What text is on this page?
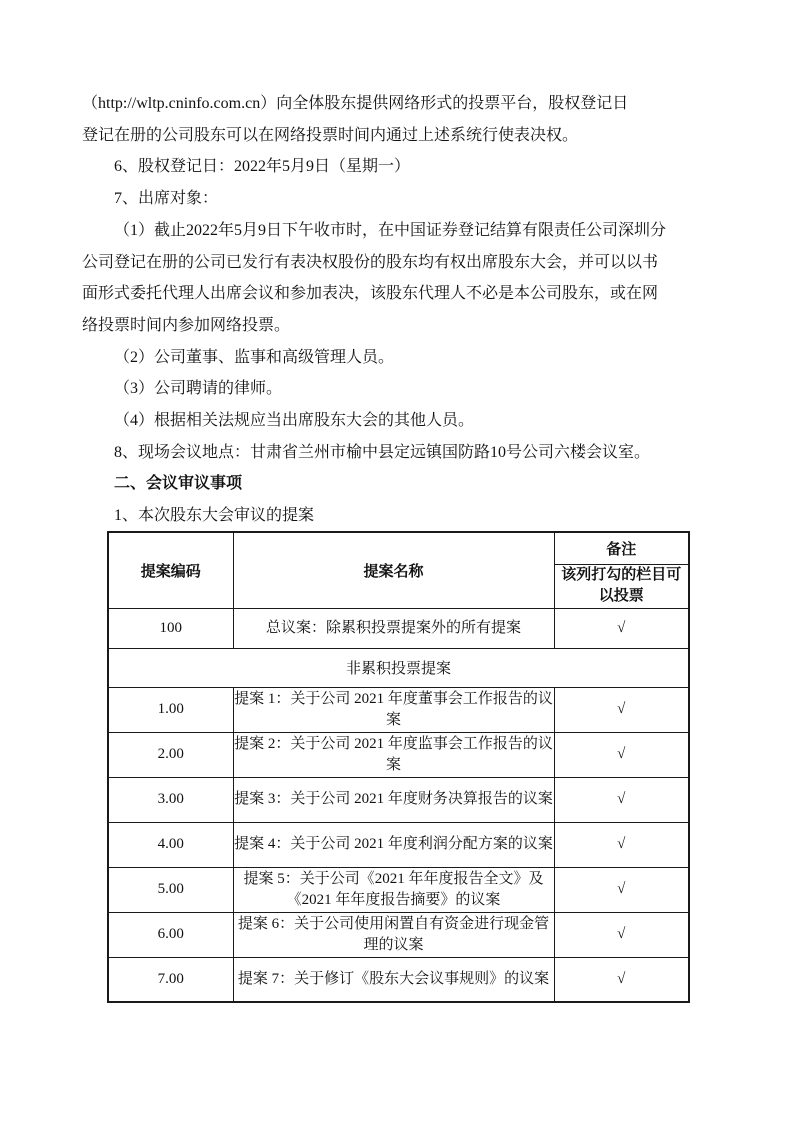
（http://wltp.cninfo.com.cn）向全体股东提供网络形式的投票平台，股权登记日
登记在册的公司股东可以在网络投票时间内通过上述系统行使表决权。
6、股权登记日：2022年5月9日（星期一）
7、出席对象：
（1）截止2022年5月9日下午收市时，在中国证券登记结算有限责任公司深圳分
公司登记在册的公司已发行有表决权股份的股东均有权出席股东大会，并可以以书
面形式委托代理人出席会议和参加表决，该股东代理人不必是本公司股东，或在网
络投票时间内参加网络投票。
（2）公司董事、监事和高级管理人员。
（3）公司聘请的律师。
（4）根据相关法规应当出席股东大会的其他人员。
8、现场会议地点：甘肃省兰州市榆中县定远镇国防路10号公司六楼会议室。
二、会议审议事项
1、本次股东大会审议的提案
提案编码	提案名称	备注
		该列打勾的栏目可以投票
100	总议案：除累积投票提案外的所有提案	√
非累积投票提案		
1.00	提案 1：关于公司 2021 年度董事会工作报告的议案	√
2.00	提案 2：关于公司 2021 年度监事会工作报告的议案	√
3.00	提案 3：关于公司 2021 年度财务决算报告的议案	√
4.00	提案 4：关于公司 2021 年度利润分配方案的议案	√
5.00	提案 5：关于公司《2021 年年度报告全文》及《2021 年年度报告摘要》的议案	√
6.00	提案 6：关于公司使用闲置自有资金进行现金管理的议案	√
7.00	提案 7：关于修订《股东大会议事规则》的议案	√
